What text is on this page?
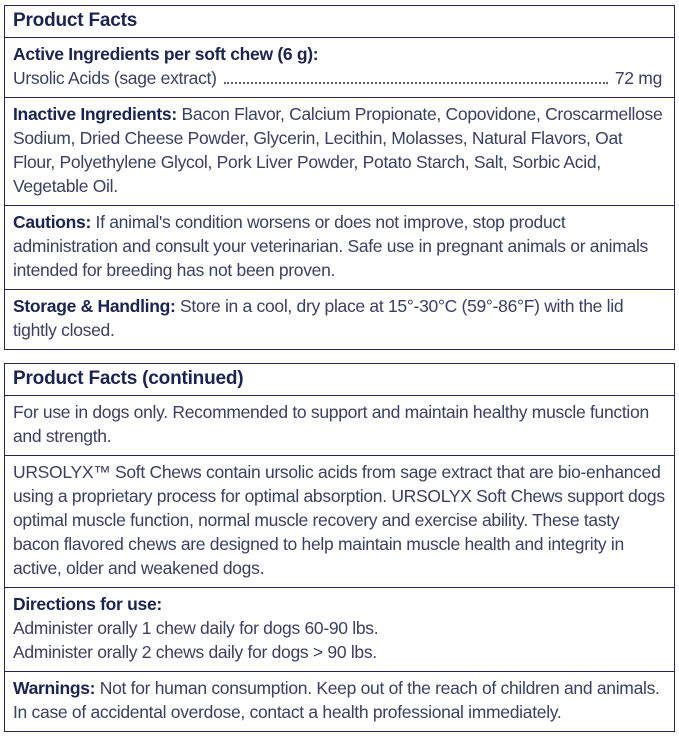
Product Facts

Active Ingredients per soft chew (6 g):

Ursolic Acids (sage extract)	72 mg

Inactive Ingredients: Bacon Flavor, Calcium Propionate, Copovidone, Croscarmellose Sodium, Dried Cheese Powder, Glycerin, Lecithin, Molasses, Natural Flavors, Oat Flour, Polyethylene Glycol, Pork Liver Powder, Potato Starch, Salt, Sorbic Acid, Vegetable Oil.

Cautions: If animal's condition worsens or does not improve, stop product administration and consult your veterinarian. Safe use in pregnant animals or animals intended for breeding has not been proven.

Storage & Handling: Store in a cool, dry place at 15°-30°C (59°-86°F) with the lid tightly closed.

Product Facts (continued)

For use in dogs only. Recommended to support and maintain healthy muscle function and strength.

URSOLYX™ Soft Chews contain ursolic acids from sage extract that are bio-enhanced using a proprietary process for optimal absorption. URSOLYX Soft Chews support dogs optimal muscle function, normal muscle recovery and exercise ability. These tasty bacon flavored chews are designed to help maintain muscle health and integrity in active, older and weakened dogs.

Directions for use:

Administer orally 1 chew daily for dogs 60-90 lbs.

Administer orally 2 chews daily for dogs > 90 lbs.

Warnings: Not for human consumption. Keep out of the reach of children and animals. In case of accidental overdose, contact a health professional immediately.
